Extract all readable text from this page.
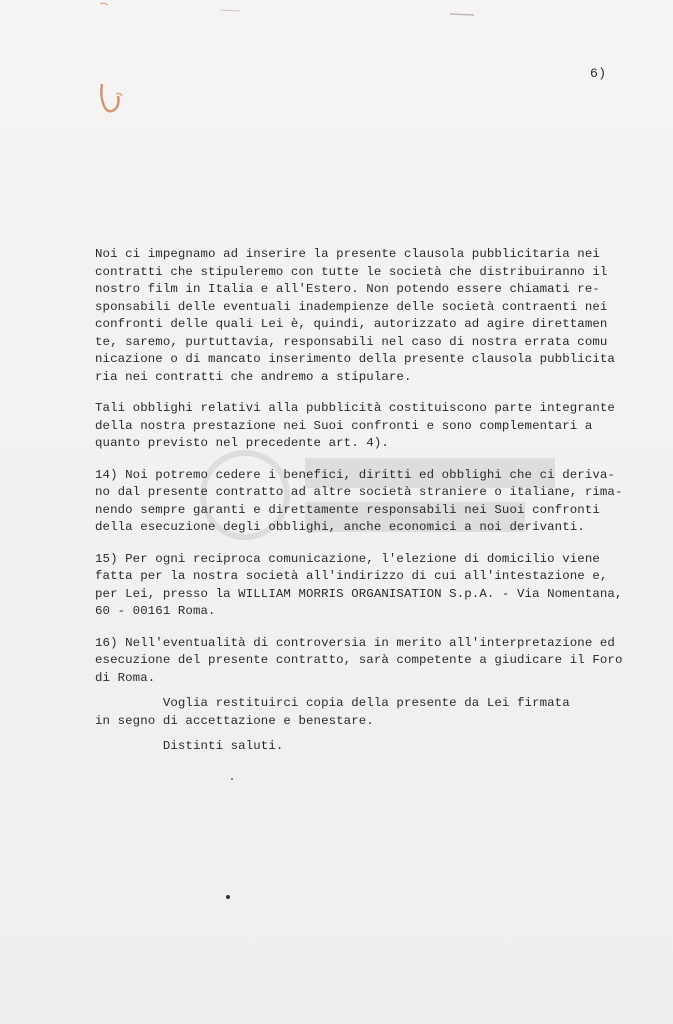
6)
Noi ci impegnamo ad inserire la presente clausola pubblicitaria nei
contratti che stipuleremo con tutte le società che distribuiranno il
nostro film in Italia e all'Estero. Non potendo essere chiamati re-
sponsabili delle eventuali inadempienze delle società contraenti nei
confronti delle quali Lei è, quindi, autorizzato ad agire direttamen
te, saremo, purtuttavia, responsabili nel caso di nostra errata comu
nicazione o di mancato inserimento della presente clausola pubblicita
ria nei contratti che andremo a stipulare.
Tali obblighi relativi alla pubblicità costituiscono parte integrante
della nostra prestazione nei Suoi confronti e sono complementari a
quanto previsto nel precedente art. 4).
14) Noi potremo cedere i benefici, diritti ed obblighi che ci deriva-
no dal presente contratto ad altre società straniere o italiane, rima-
nendo sempre garanti e direttamente responsabili nei Suoi confronti
della esecuzione degli obblighi, anche economici a noi derivanti.
15) Per ogni reciproca comunicazione, l'elezione di domicilio viene
fatta per la nostra società all'indirizzo di cui all'intestazione e,
per Lei, presso la WILLIAM MORRIS ORGANISATION S.p.A. - Via Nomentana,
60 - 00161 Roma.
16) Nell'eventualità di controversia in merito all'interpretazione ed
esecuzione del presente contratto, sarà competente a giudicare il Foro
di Roma.
Voglia restituirci copia della presente da Lei firmata
in segno di accettazione e benestare.
Distinti saluti.
